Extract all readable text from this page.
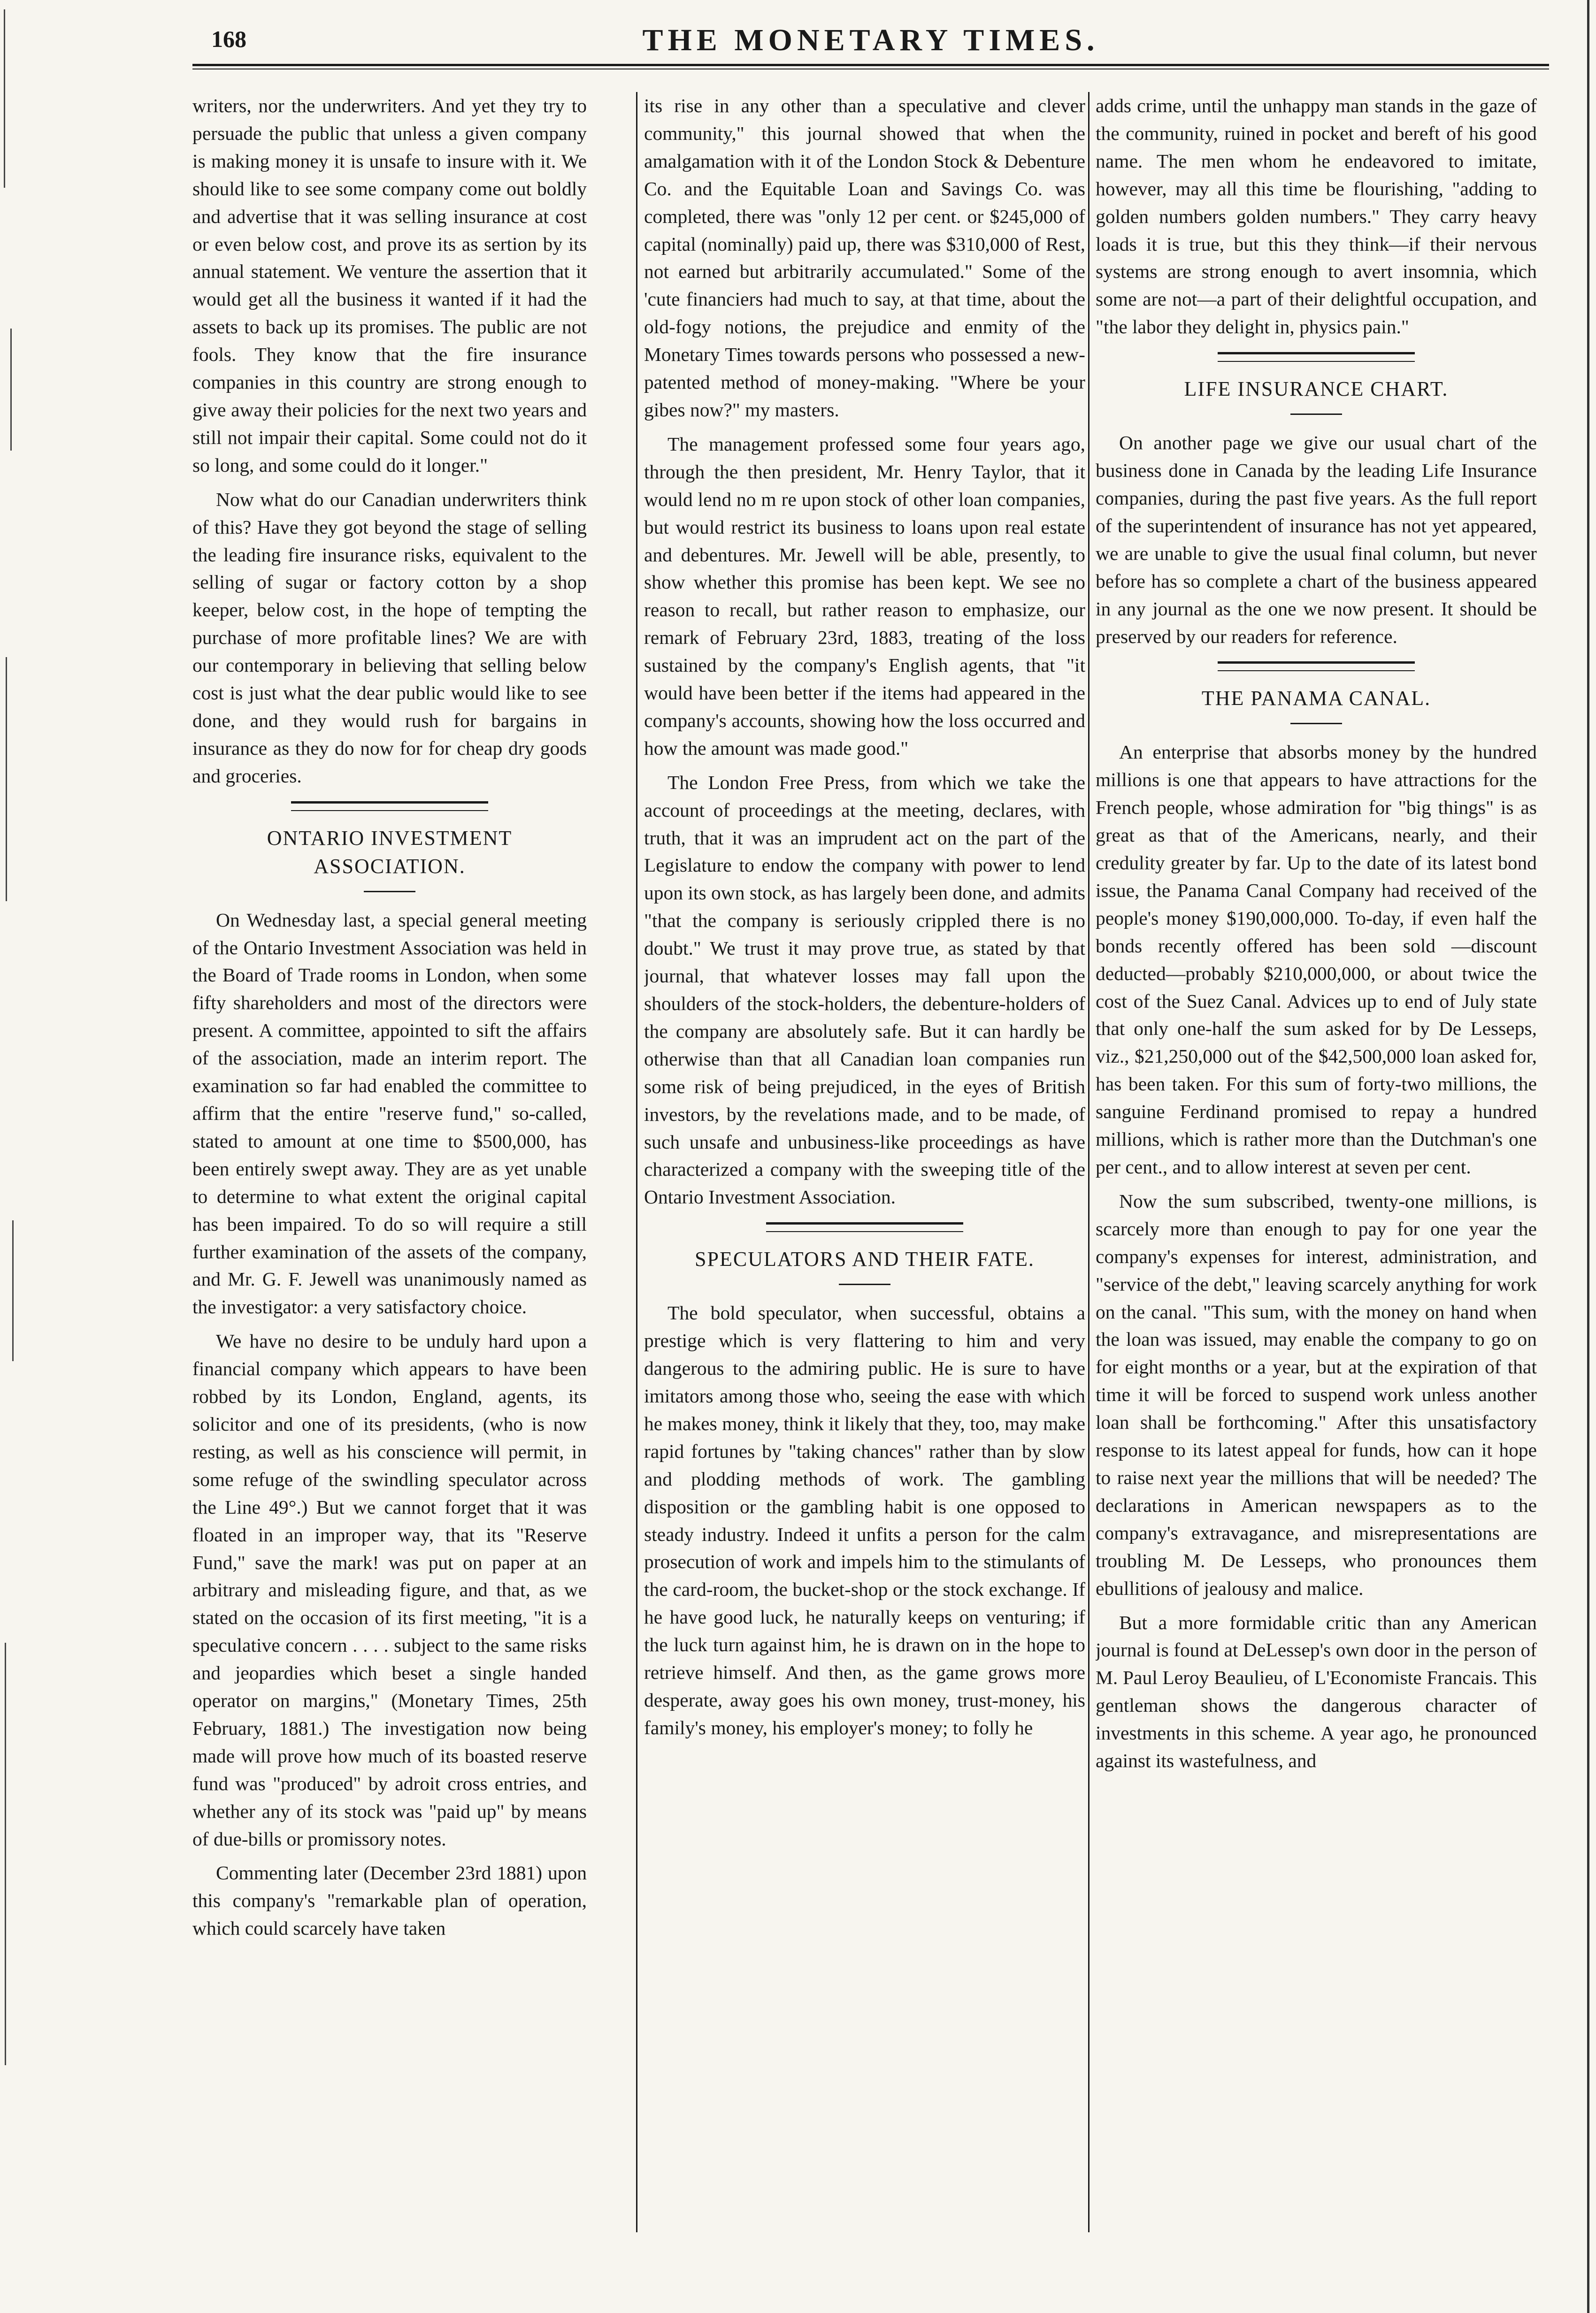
168	THE MONETARY TIMES.

writers, nor the underwriters. And yet they try to persuade the public that unless a given company is making money it is unsafe to insure with it. We should like to see some company come out boldly and advertise that it was selling insurance at cost or even below cost, and prove its as sertion by its annual statement. We venture the assertion that it would get all the business it wanted if it had the assets to back up its promises. The public are not fools. They know that the fire insurance companies in this country are strong enough to give away their policies for the next two years and still not impair their capital. Some could not do it so long, and some could do it longer."

Now what do our Canadian underwriters think of this? Have they got beyond the stage of selling the leading fire insurance risks, equivalent to the selling of sugar or factory cotton by a shop keeper, below cost, in the hope of tempting the purchase of more profitable lines? We are with our contemporary in believing that selling below cost is just what the dear public would like to see done, and they would rush for bargains in insurance as they do now for for cheap dry goods and groceries.

ONTARIO INVESTMENT ASSOCIATION.

On Wednesday last, a special general meeting of the Ontario Investment Association was held in the Board of Trade rooms in London, when some fifty shareholders and most of the directors were present. A committee, appointed to sift the affairs of the association, made an interim report. The examination so far had enabled the committee to affirm that the entire "reserve fund," so-called, stated to amount at one time to $500,000, has been entirely swept away. They are as yet unable to determine to what extent the original capital has been impaired. To do so will require a still further examination of the assets of the company, and Mr. G. F. Jewell was unanimously named as the investigator: a very satisfactory choice.

We have no desire to be unduly hard upon a financial company which appears to have been robbed by its London, England, agents, its solicitor and one of its presidents, (who is now resting, as well as his conscience will permit, in some refuge of the swindling speculator across the Line 49°.) But we cannot forget that it was floated in an improper way, that its "Reserve Fund," save the mark! was put on paper at an arbitrary and misleading figure, and that, as we stated on the occasion of its first meeting, "it is a speculative concern . . . . subject to the same risks and jeopardies which beset a single handed operator on margins," (Monetary Times, 25th February, 1881.) The investigation now being made will prove how much of its boasted reserve fund was "produced" by adroit cross entries, and whether any of its stock was "paid up" by means of due-bills or promissory notes.

Commenting later (December 23rd 1881) upon this company's "remarkable plan of operation, which could scarcely have taken

its rise in any other than a speculative and clever community," this journal showed that when the amalgamation with it of the London Stock & Debenture Co. and the Equitable Loan and Savings Co. was completed, there was "only 12 per cent. or $245,000 of capital (nominally) paid up, there was $310,000 of Rest, not earned but arbitrarily accumulated." Some of the 'cute financiers had much to say, at that time, about the old-fogy notions, the prejudice and enmity of the Monetary Times towards persons who possessed a new-patented method of money-making. "Where be your gibes now?" my masters.

The management professed some four years ago, through the then president, Mr. Henry Taylor, that it would lend no m re upon stock of other loan companies, but would restrict its business to loans upon real estate and debentures. Mr. Jewell will be able, presently, to show whether this promise has been kept. We see no reason to recall, but rather reason to emphasize, our remark of February 23rd, 1883, treating of the loss sustained by the company's English agents, that "it would have been better if the items had appeared in the company's accounts, showing how the loss occurred and how the amount was made good."

The London Free Press, from which we take the account of proceedings at the meeting, declares, with truth, that it was an imprudent act on the part of the Legislature to endow the company with power to lend upon its own stock, as has largely been done, and admits "that the company is seriously crippled there is no doubt." We trust it may prove true, as stated by that journal, that whatever losses may fall upon the shoulders of the stock-holders, the debenture-holders of the company are absolutely safe. But it can hardly be otherwise than that all Canadian loan companies run some risk of being prejudiced, in the eyes of British investors, by the revelations made, and to be made, of such unsafe and unbusiness-like proceedings as have characterized a company with the sweeping title of the Ontario Investment Association.

SPECULATORS AND THEIR FATE.

The bold speculator, when successful, obtains a prestige which is very flattering to him and very dangerous to the admiring public. He is sure to have imitators among those who, seeing the ease with which he makes money, think it likely that they, too, may make rapid fortunes by "taking chances" rather than by slow and plodding methods of work. The gambling disposition or the gambling habit is one opposed to steady industry. Indeed it unfits a person for the calm prosecution of work and impels him to the stimulants of the card-room, the bucket-shop or the stock exchange. If he have good luck, he naturally keeps on venturing; if the luck turn against him, he is drawn on in the hope to retrieve himself. And then, as the game grows more desperate, away goes his own money, trust-money, his family's money, his employer's money; to folly he

adds crime, until the unhappy man stands in the gaze of the community, ruined in pocket and bereft of his good name. The men whom he endeavored to imitate, however, may all this time be flourishing, "adding to golden numbers golden numbers." They carry heavy loads it is true, but this they think—if their nervous systems are strong enough to avert insomnia, which some are not—a part of their delightful occupation, and "the labor they delight in, physics pain."

LIFE INSURANCE CHART.

On another page we give our usual chart of the business done in Canada by the leading Life Insurance companies, during the past five years. As the full report of the superintendent of insurance has not yet appeared, we are unable to give the usual final column, but never before has so complete a chart of the business appeared in any journal as the one we now present. It should be preserved by our readers for reference.

THE PANAMA CANAL.

An enterprise that absorbs money by the hundred millions is one that appears to have attractions for the French people, whose admiration for "big things" is as great as that of the Americans, nearly, and their credulity greater by far. Up to the date of its latest bond issue, the Panama Canal Company had received of the people's money $190,000,000. To-day, if even half the bonds recently offered has been sold —discount deducted—probably $210,000,000, or about twice the cost of the Suez Canal. Advices up to end of July state that only one-half the sum asked for by De Lesseps, viz., $21,250,000 out of the $42,500,000 loan asked for, has been taken. For this sum of forty-two millions, the sanguine Ferdinand promised to repay a hundred millions, which is rather more than the Dutchman's one per cent., and to allow interest at seven per cent.

Now the sum subscribed, twenty-one millions, is scarcely more than enough to pay for one year the company's expenses for interest, administration, and "service of the debt," leaving scarcely anything for work on the canal. "This sum, with the money on hand when the loan was issued, may enable the company to go on for eight months or a year, but at the expiration of that time it will be forced to suspend work unless another loan shall be forthcoming." After this unsatisfactory response to its latest appeal for funds, how can it hope to raise next year the millions that will be needed? The declarations in American newspapers as to the company's extravagance, and misrepresentations are troubling M. De Lesseps, who pronounces them ebullitions of jealousy and malice.

But a more formidable critic than any American journal is found at DeLessep's own door in the person of M. Paul Leroy Beaulieu, of L'Economiste Francais. This gentleman shows the dangerous character of investments in this scheme. A year ago, he pronounced against its wastefulness, and
